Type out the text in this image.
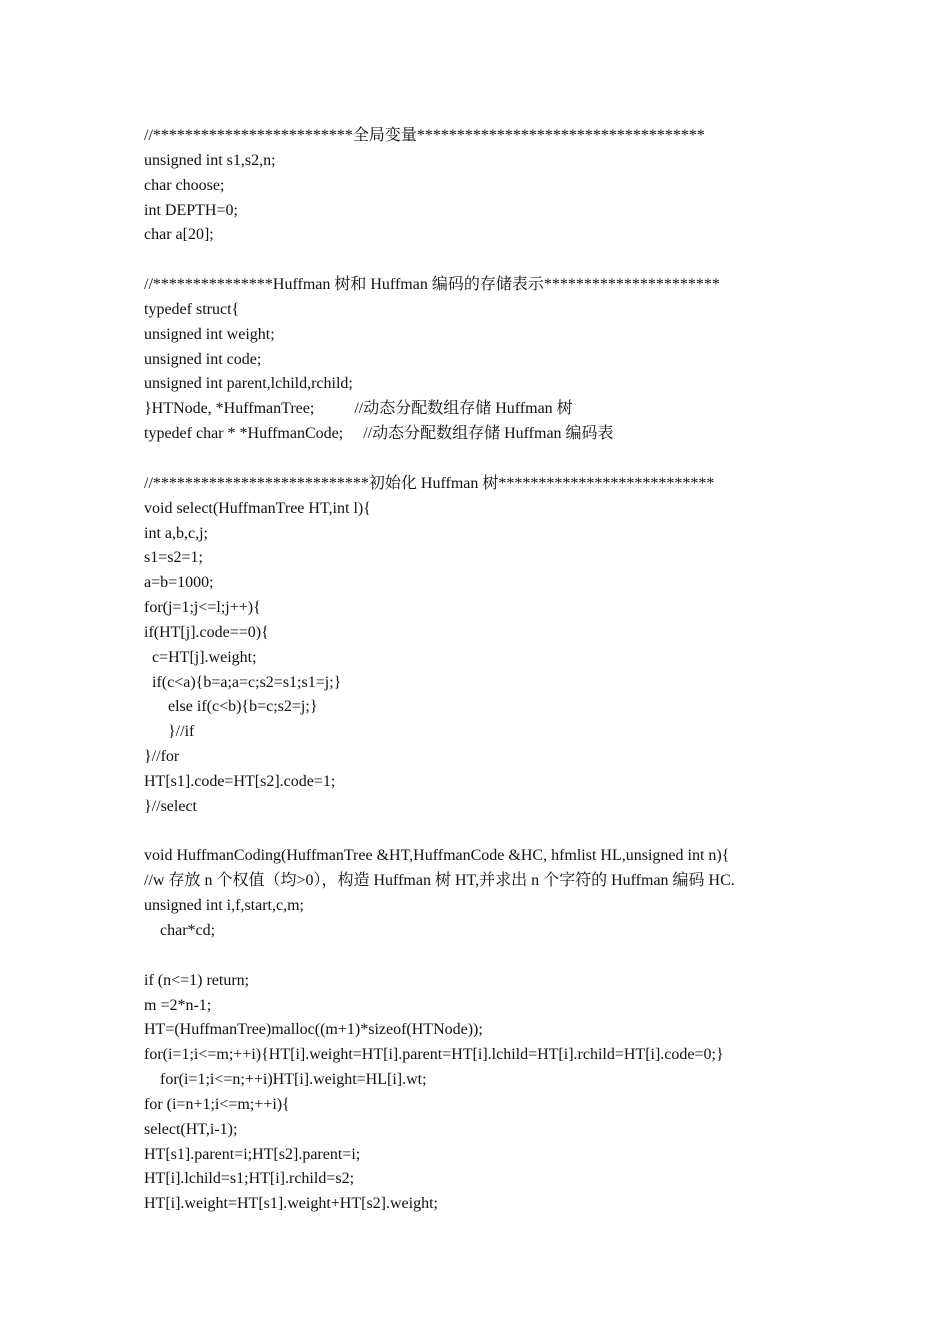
//*************************全局变量************************************
unsigned int s1,s2,n;
char choose;
int DEPTH=0;
char a[20];
//***************Huffman 树和 Huffman 编码的存储表示**********************
typedef struct{
unsigned int weight;
unsigned int code;
unsigned int parent,lchild,rchild;
}HTNode, *HuffmanTree;          //动态分配数组存储 Huffman 树
typedef char * *HuffmanCode;     //动态分配数组存储 Huffman 编码表
//***************************初始化 Huffman 树***************************
void select(HuffmanTree HT,int l){
int a,b,c,j;
s1=s2=1;
a=b=1000;
for(j=1;j<=l;j++){
if(HT[j].code==0){
c=HT[j].weight;
if(c<a){b=a;a=c;s2=s1;s1=j;}
else if(c<b){b=c;s2=j;}
}//if
}//for
HT[s1].code=HT[s2].code=1;
}//select
void HuffmanCoding(HuffmanTree &HT,HuffmanCode &HC, hfmlist HL,unsigned int n){
//w 存放 n 个权值（均>0），构造 Huffman 树 HT,并求出 n 个字符的 Huffman 编码 HC.
unsigned int i,f,start,c,m;
char*cd;
if (n<=1) return;
m =2*n-1;
HT=(HuffmanTree)malloc((m+1)*sizeof(HTNode));
for(i=1;i<=m;++i){HT[i].weight=HT[i].parent=HT[i].lchild=HT[i].rchild=HT[i].code=0;}
for(i=1;i<=n;++i)HT[i].weight=HL[i].wt;
for (i=n+1;i<=m;++i){
select(HT,i-1);
HT[s1].parent=i;HT[s2].parent=i;
HT[i].lchild=s1;HT[i].rchild=s2;
HT[i].weight=HT[s1].weight+HT[s2].weight;
